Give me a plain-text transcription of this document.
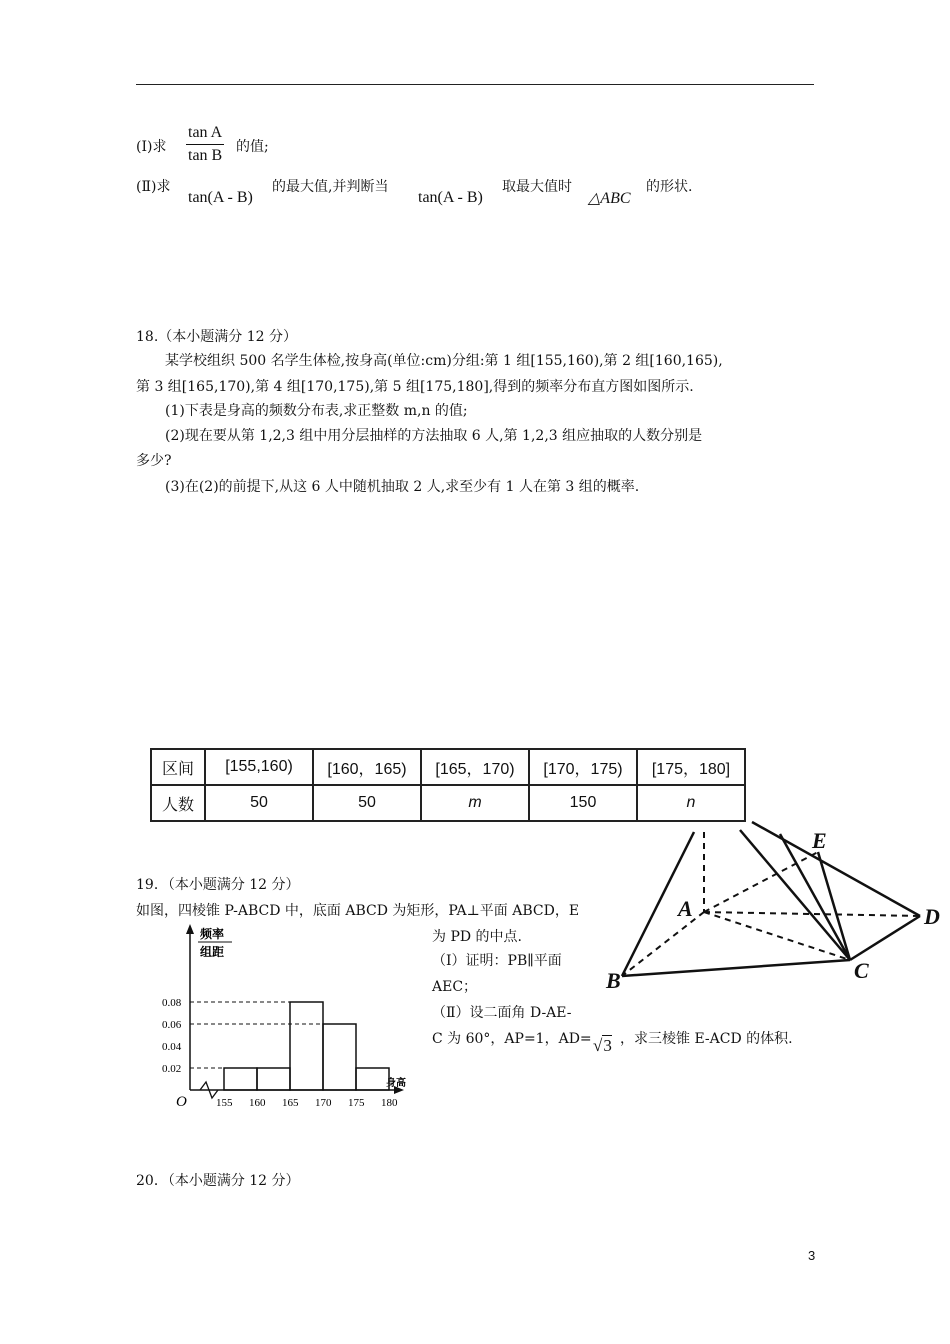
(Ⅰ)求
tan A
tan B 的值;
(Ⅱ)求
tan(A - B)
的最大值,并判断当
tan(A - B)
取最大值时
△ABC
的形状.
18.（本小题满分 12 分）
某学校组织 500 名学生体检,按身高(单位:cm)分组:第 1 组[155,160),第 2 组[160,165),
第 3 组[165,170),第 4 组[170,175),第 5 组[175,180],得到的频率分布直方图如图所示.
(1)下表是身高的频数分布表,求正整数 m,n 的值;
(2)现在要从第 1,2,3 组中用分层抽样的方法抽取 6 人,第 1,2,3 组应抽取的人数分别是
多少?
(3)在(2)的前提下,从这 6 人中随机抽取 2 人,求至少有 1 人在第 3 组的概率.
区间	[155,160)	[160，165)	[165，170)	[170，175)	[175，180]
人数	50	50	m	150	n
19．（本小题满分 12 分）
如图，四棱锥 P-ABCD 中，底面 ABCD 为矩形，PA⊥平面 ABCD，E
为 PD 的中点.
（Ⅰ）证明：PB∥平面
AEC；
（Ⅱ）设二面角 D-AE-
C 为 60°，AP=1，AD= √3 ，求三棱锥 E-ACD 的体积.
频率
组距
身高
O
0.02
0.04
0.06
0.08
155 160 165 170 175 180
E
A	D
B	C
20．（本小题满分 12 分）
3
